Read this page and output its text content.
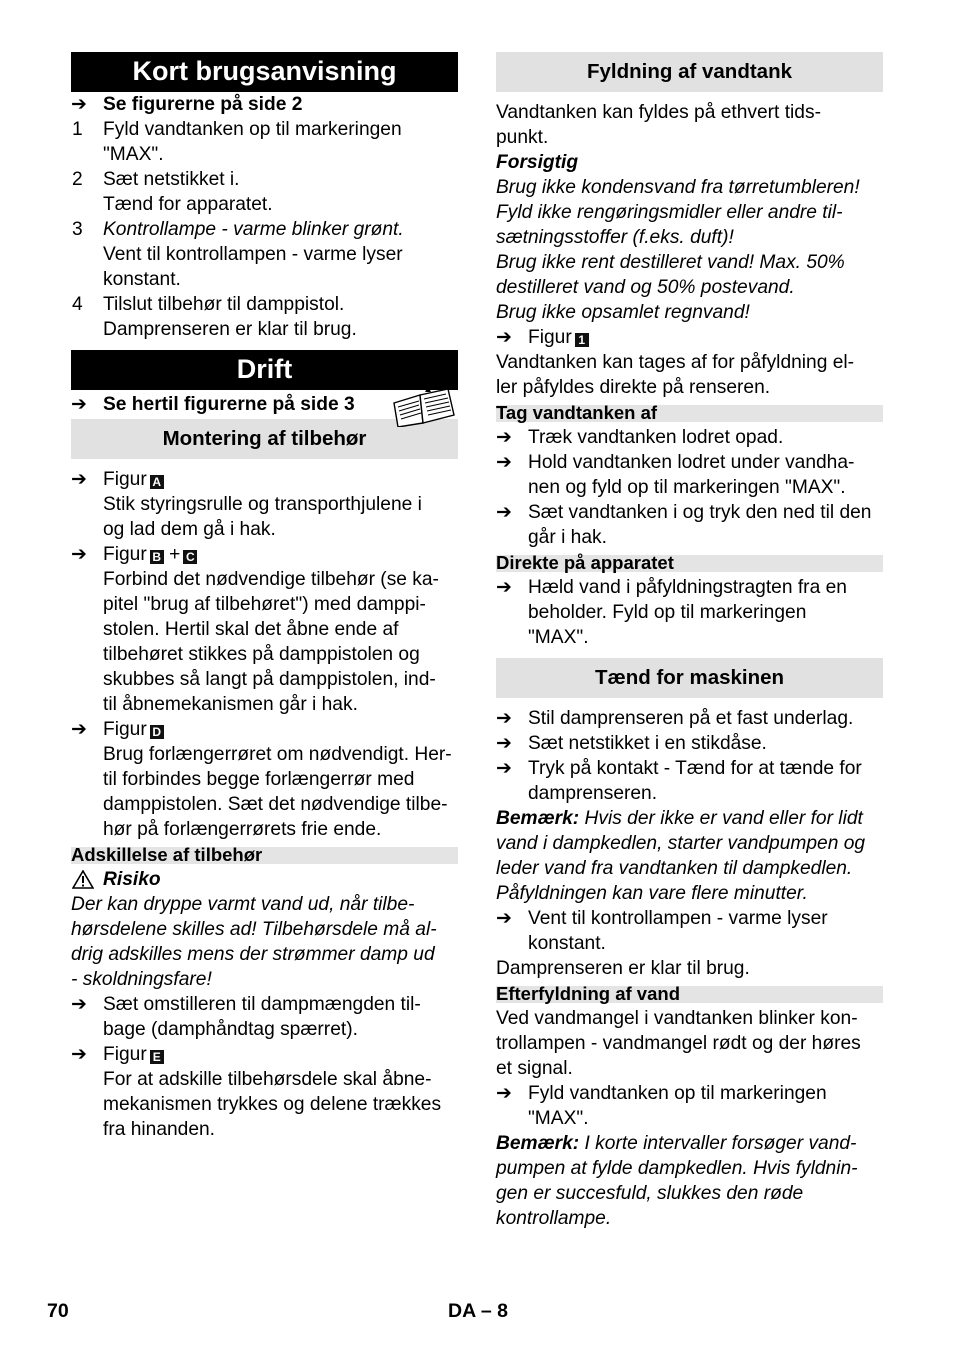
Kort brugsanvisning
➔ Se figurerne på side 2
1	Fyld vandtanken op til markeringen
"MAX".
2	Sæt netstikket i.
Tænd for apparatet.
3	Kontrollampe - varme blinker grønt.
Vent til kontrollampen - varme lyser
konstant.
4	Tilslut tilbehør til damppistol.
Damprenseren er klar til brug.
Drift
➔ Se hertil figurerne på side 3
Montering af tilbehør
➔ Figur A
Stik styringsrulle og transporthjulene i
og lad dem gå i hak.
➔ Figur B + C
Forbind det nødvendige tilbehør (se ka-
pitel "brug af tilbehøret") med damppi-
stolen. Hertil skal det åbne ende af
tilbehøret stikkes på damppistolen og
skubbes så langt på damppistolen, ind-
til åbnemekanismen går i hak.
➔ Figur D
Brug forlængerrøret om nødvendigt. Her-
til forbindes begge forlængerrør med
damppistolen. Sæt det nødvendige tilbe-
hør på forlængerrørets frie ende.
Adskillelse af tilbehør
Risiko
Der kan dryppe varmt vand ud, når tilbe-
hørsdelene skilles ad! Tilbehørsdele må al-
drig adskilles mens der strømmer damp ud
- skoldningsfare!
➔ Sæt omstilleren til dampmængden til-
bage (damphåndtag spærret).
➔ Figur E
For at adskille tilbehørsdele skal åbne-
mekanismen trykkes og delene trækkes
fra hinanden.
Fyldning af vandtank
Vandtanken kan fyldes på ethvert tids-
punkt.
Forsigtig
Brug ikke kondensvand fra tørretumbleren!
Fyld ikke rengøringsmidler eller andre til-
sætningsstoffer (f.eks. duft)!
Brug ikke rent destilleret vand! Max. 50%
destilleret vand og 50% postevand.
Brug ikke opsamlet regnvand!
➔ Figur 1
Vandtanken kan tages af for påfyldning el-
ler påfyldes direkte på renseren.
Tag vandtanken af
➔ Træk vandtanken lodret opad.
➔ Hold vandtanken lodret under vandha-
nen og fyld op til markeringen "MAX".
➔ Sæt vandtanken i og tryk den ned til den
går i hak.
Direkte på apparatet
➔ Hæld vand i påfyldningstragten fra en
beholder. Fyld op til markeringen
"MAX".
Tænd for maskinen
➔ Stil damprenseren på et fast underlag.
➔ Sæt netstikket i en stikdåse.
➔ Tryk på kontakt - Tænd for at tænde for
damprenseren.
Bemærk: Hvis der ikke er vand eller for lidt
vand i dampkedlen, starter vandpumpen og
leder vand fra vandtanken til dampkedlen.
Påfyldningen kan vare flere minutter.
➔ Vent til kontrollampen - varme lyser
konstant.
Damprenseren er klar til brug.
Efterfyldning af vand
Ved vandmangel i vandtanken blinker kon-
trollampen - vandmangel rødt og der høres
et signal.
➔ Fyld vandtanken op til markeringen
"MAX".
Bemærk: I korte intervaller forsøger vand-
pumpen at fylde dampkedlen. Hvis fyldnin-
gen er succesfuld, slukkes den røde
kontrollampe.
70	DA – 8
